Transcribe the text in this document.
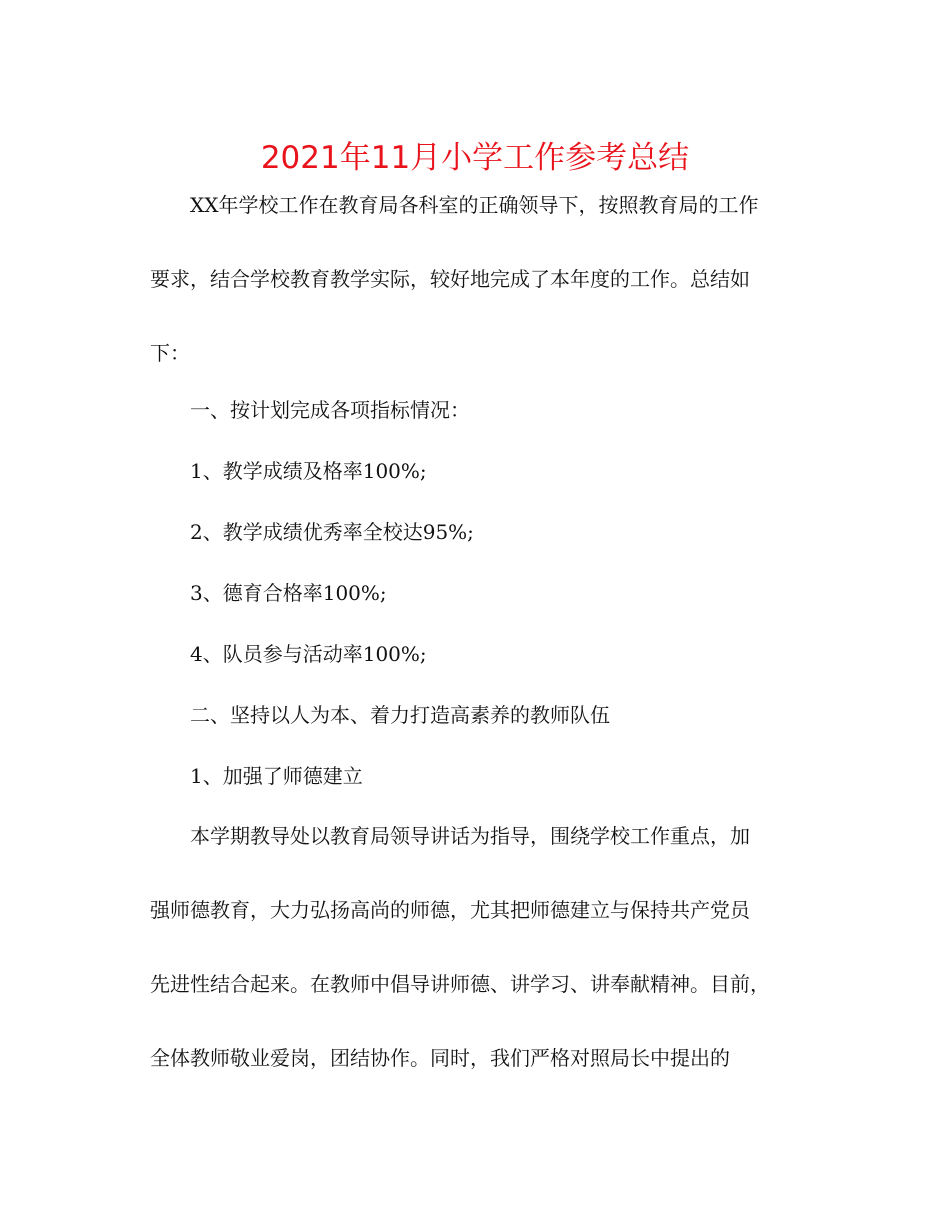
2021年11月小学工作参考总结
XX年学校工作在教育局各科室的正确领导下，按照教育局的工作
要求，结合学校教育教学实际，较好地完成了本年度的工作。总结如
下：
一、按计划完成各项指标情况：
1、教学成绩及格率100%;
2、教学成绩优秀率全校达95%;
3、德育合格率100%;
4、队员参与活动率100%;
二、坚持以人为本、着力打造高素养的教师队伍
1、加强了师德建立
本学期教导处以教育局领导讲话为指导，围绕学校工作重点，加
强师德教育，大力弘扬高尚的师德，尤其把师德建立与保持共产党员
先进性结合起来。在教师中倡导讲师德、讲学习、讲奉献精神。目前，
全体教师敬业爱岗，团结协作。同时，我们严格对照局长中提出的
